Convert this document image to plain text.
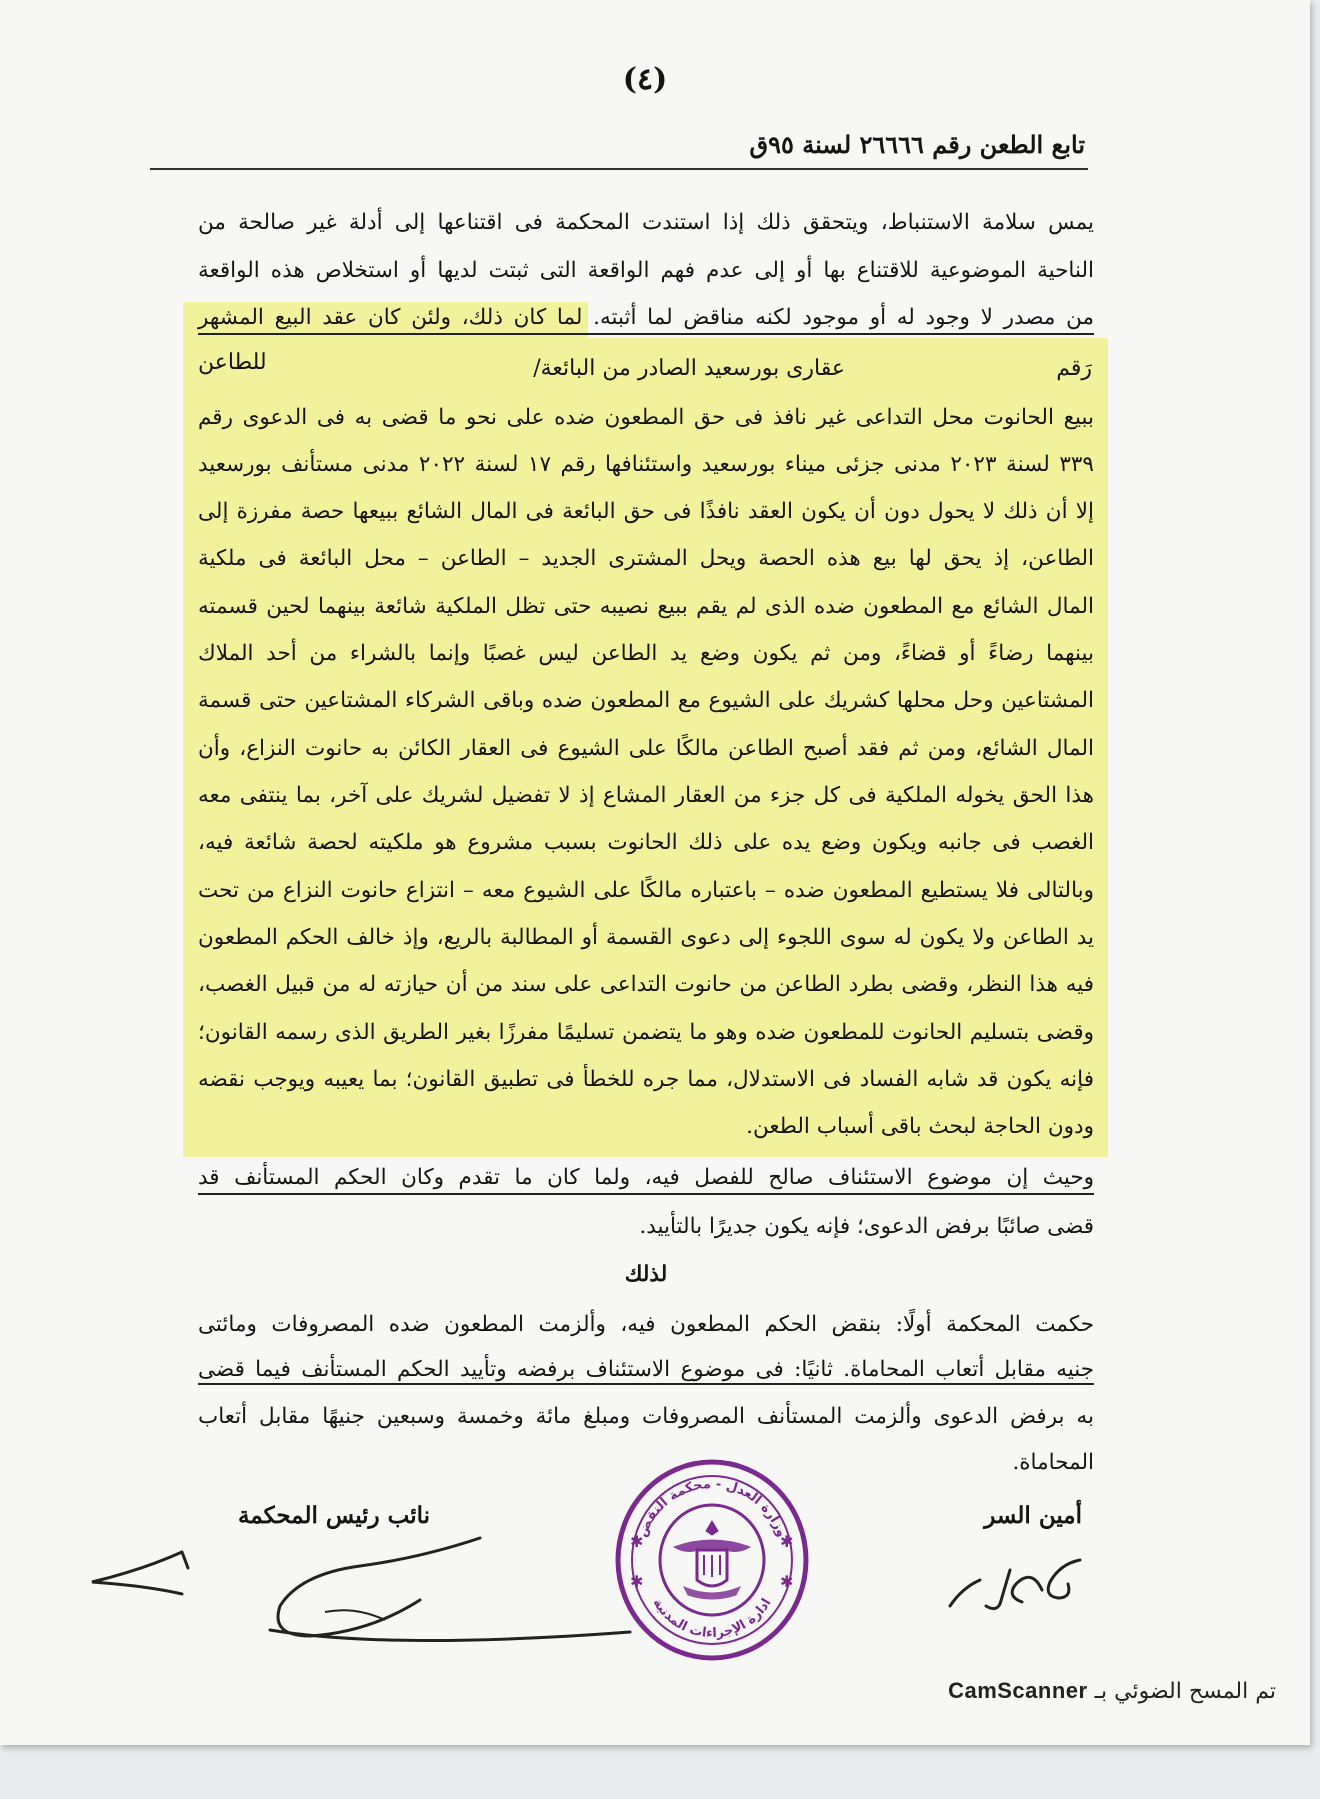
(٤)
تابع الطعن رقم ٢٦٦٦٦ لسنة ٩٥ق
يمس سلامة الاستنباط، ويتحقق ذلك إذا استندت المحكمة فى اقتناعها إلى أدلة غير صالحة من
الناحية الموضوعية للاقتناع بها أو إلى عدم فهم الواقعة التى ثبتت لديها أو استخلاص هذه الواقعة
من مصدر لا وجود له أو موجود لكنه مناقض لما أثبته. لما كان ذلك، ولئن كان عقد البيع المشهر
رَقم
عقارى بورسعيد الصادر من البائعة/
للطاعن
ببيع الحانوت محل التداعى غير نافذ فى حق المطعون ضده على نحو ما قضى به فى الدعوى رقم
٣٣٩ لسنة ٢٠٢٣ مدنى جزئى ميناء بورسعيد واستئنافها رقم ١٧ لسنة ٢٠٢٢ مدنى مستأنف بورسعيد
إلا أن ذلك لا يحول دون أن يكون العقد نافذًا فى حق البائعة فى المال الشائع ببيعها حصة مفرزة إلى
الطاعن، إذ يحق لها بيع هذه الحصة ويحل المشترى الجديد – الطاعن – محل البائعة فى ملكية
المال الشائع مع المطعون ضده الذى لم يقم ببيع نصيبه حتى تظل الملكية شائعة بينهما لحين قسمته
بينهما رضاءً أو قضاءً، ومن ثم يكون وضع يد الطاعن ليس غصبًا وإنما بالشراء من أحد الملاك
المشتاعين وحل محلها كشريك على الشيوع مع المطعون ضده وباقى الشركاء المشتاعين حتى قسمة
المال الشائع، ومن ثم فقد أصبح الطاعن مالكًا على الشيوع فى العقار الكائن به حانوت النزاع، وأن
هذا الحق يخوله الملكية فى كل جزء من العقار المشاع إذ لا تفضيل لشريك على آخر، بما ينتفى معه
الغصب فى جانبه ويكون وضع يده على ذلك الحانوت بسبب مشروع هو ملكيته لحصة شائعة فيه،
وبالتالى فلا يستطيع المطعون ضده – باعتباره مالكًا على الشيوع معه – انتزاع حانوت النزاع من تحت
يد الطاعن ولا يكون له سوى اللجوء إلى دعوى القسمة أو المطالبة بالريع، وإذ خالف الحكم المطعون
فيه هذا النظر، وقضى بطرد الطاعن من حانوت التداعى على سند من أن حيازته له من قبيل الغصب،
وقضى بتسليم الحانوت للمطعون ضده وهو ما يتضمن تسليمًا مفرزًا بغير الطريق الذى رسمه القانون؛
فإنه يكون قد شابه الفساد فى الاستدلال، مما جره للخطأ فى تطبيق القانون؛ بما يعيبه ويوجب نقضه
ودون الحاجة لبحث باقى أسباب الطعن.
وحيث إن موضوع الاستئناف صالح للفصل فيه، ولما كان ما تقدم وكان الحكم المستأنف قد
قضى صائبًا برفض الدعوى؛ فإنه يكون جديرًا بالتأييد.
لذلك
حكمت المحكمة أولًا: بنقض الحكم المطعون فيه، وألزمت المطعون ضده المصروفات ومائتى
جنيه مقابل أتعاب المحاماة. ثانيًا: فى موضوع الاستئناف برفضه وتأييد الحكم المستأنف فيما قضى
به برفض الدعوى وألزمت المستأنف المصروفات ومبلغ مائة وخمسة وسبعين جنيهًا مقابل أتعاب
المحاماة.
أمين السر
نائب رئيس المحكمة	وزارة العدل - محكمة النقض
ادارة الإجراءات المدنية
✱	✱
✱	✱
تم المسح الضوئي بـ CamScanner
